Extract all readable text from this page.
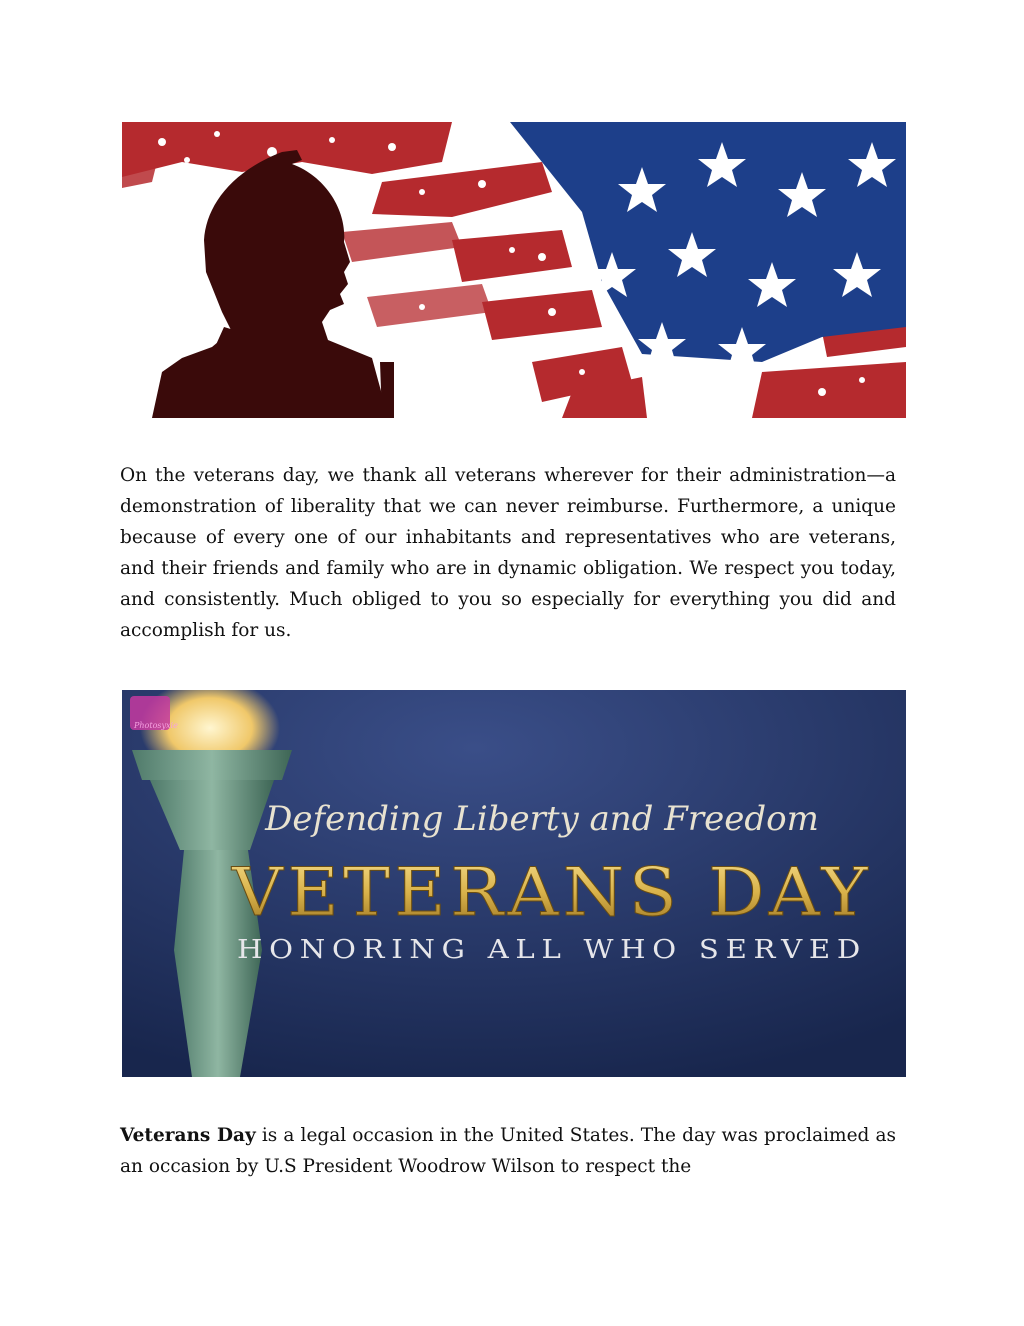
On the veterans day, we thank all veterans wherever for their administration—a demonstration of liberality that we can never reimburse. Furthermore, a unique because of every one of our inhabitants and representatives who are veterans, and their friends and family who are in dynamic obligation. We respect you today, and consistently. Much obliged to you so especially for everything you did and accomplish for us.

Photosyxie
Defending Liberty and Freedom
VETERANS DAY
HONORING ALL WHO SERVED

Veterans Day is a legal occasion in the United States. The day was proclaimed as an occasion by U.S President Woodrow Wilson to respect the
